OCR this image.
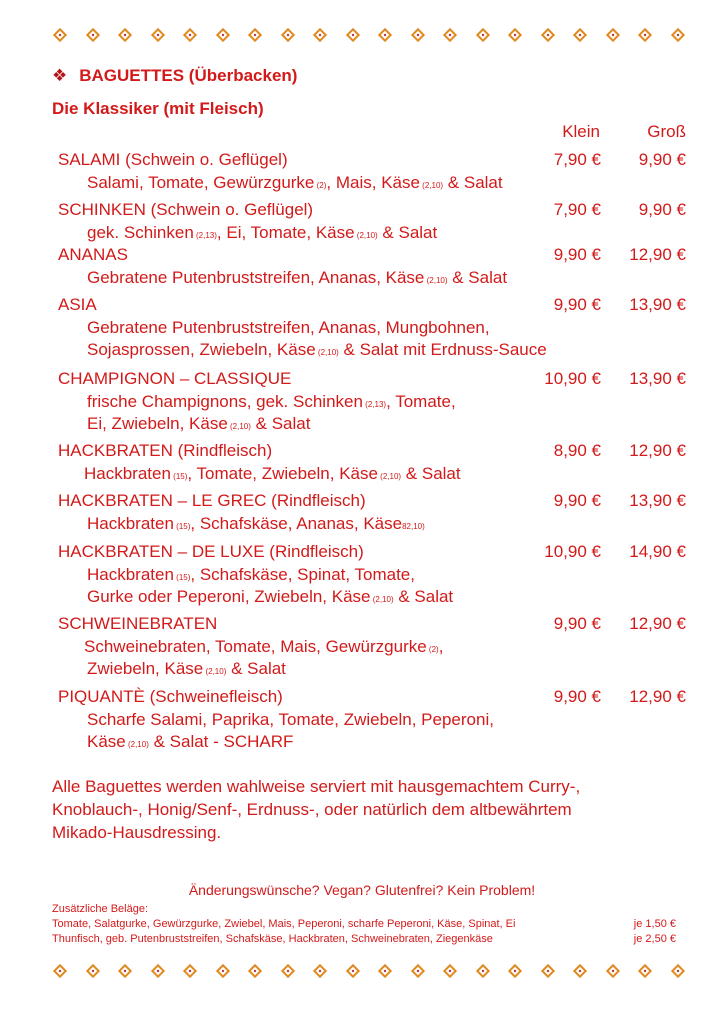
❖ BAGUETTES (Überbacken)
Die Klassiker (mit Fleisch)
Klein	Groß
SALAMI (Schwein o. Geflügel)	7,90 € 9,90 €
Salami, Tomate, Gewürzgurke (2), Mais, Käse (2,10) & Salat
SCHINKEN (Schwein o. Geflügel)	7,90 € 9,90 €
gek. Schinken (2,13), Ei, Tomate, Käse (2,10) & Salat
ANANAS	9,90 € 12,90 €
Gebratene Putenbruststreifen, Ananas, Käse (2,10) & Salat
ASIA	9,90 € 13,90 €
Gebratene Putenbruststreifen, Ananas, Mungbohnen,
Sojasprossen, Zwiebeln, Käse (2,10) & Salat mit Erdnuss-Sauce
CHAMPIGNON – CLASSIQUE	10,90 € 13,90 €
frische Champignons, gek. Schinken (2,13), Tomate,
Ei, Zwiebeln, Käse (2,10) & Salat
HACKBRATEN (Rindfleisch)	8,90 € 12,90 €
Hackbraten (15), Tomate, Zwiebeln, Käse (2,10) & Salat
HACKBRATEN – LE GREC (Rindfleisch)	9,90 € 13,90 €
Hackbraten (15), Schafskäse, Ananas, Käse82,10)
HACKBRATEN – DE LUXE (Rindfleisch)	10,90 € 14,90 €
Hackbraten (15), Schafskäse, Spinat, Tomate,
Gurke oder Peperoni, Zwiebeln, Käse (2,10) & Salat
SCHWEINEBRATEN	9,90 € 12,90 €
Schweinebraten, Tomate, Mais, Gewürzgurke (2),
Zwiebeln, Käse (2,10) & Salat
PIQUANTÈ (Schweinefleisch)	9,90 € 12,90 €
Scharfe Salami, Paprika, Tomate, Zwiebeln, Peperoni,
Käse (2,10) & Salat - SCHARF
Alle Baguettes werden wahlweise serviert mit hausgemachtem Curry-,
Knoblauch-, Honig/Senf-, Erdnuss-, oder natürlich dem altbewährtem
Mikado-Hausdressing.
Änderungswünsche? Vegan? Glutenfrei? Kein Problem!
Zusätzliche Beläge:
Tomate, Salatgurke, Gewürzgurke, Zwiebel, Mais, Peperoni, scharfe Peperoni, Käse, Spinat, Ei	je 1,50 €
Thunfisch, geb. Putenbruststreifen, Schafskäse, Hackbraten, Schweinebraten, Ziegenkäse	je 2,50 €
